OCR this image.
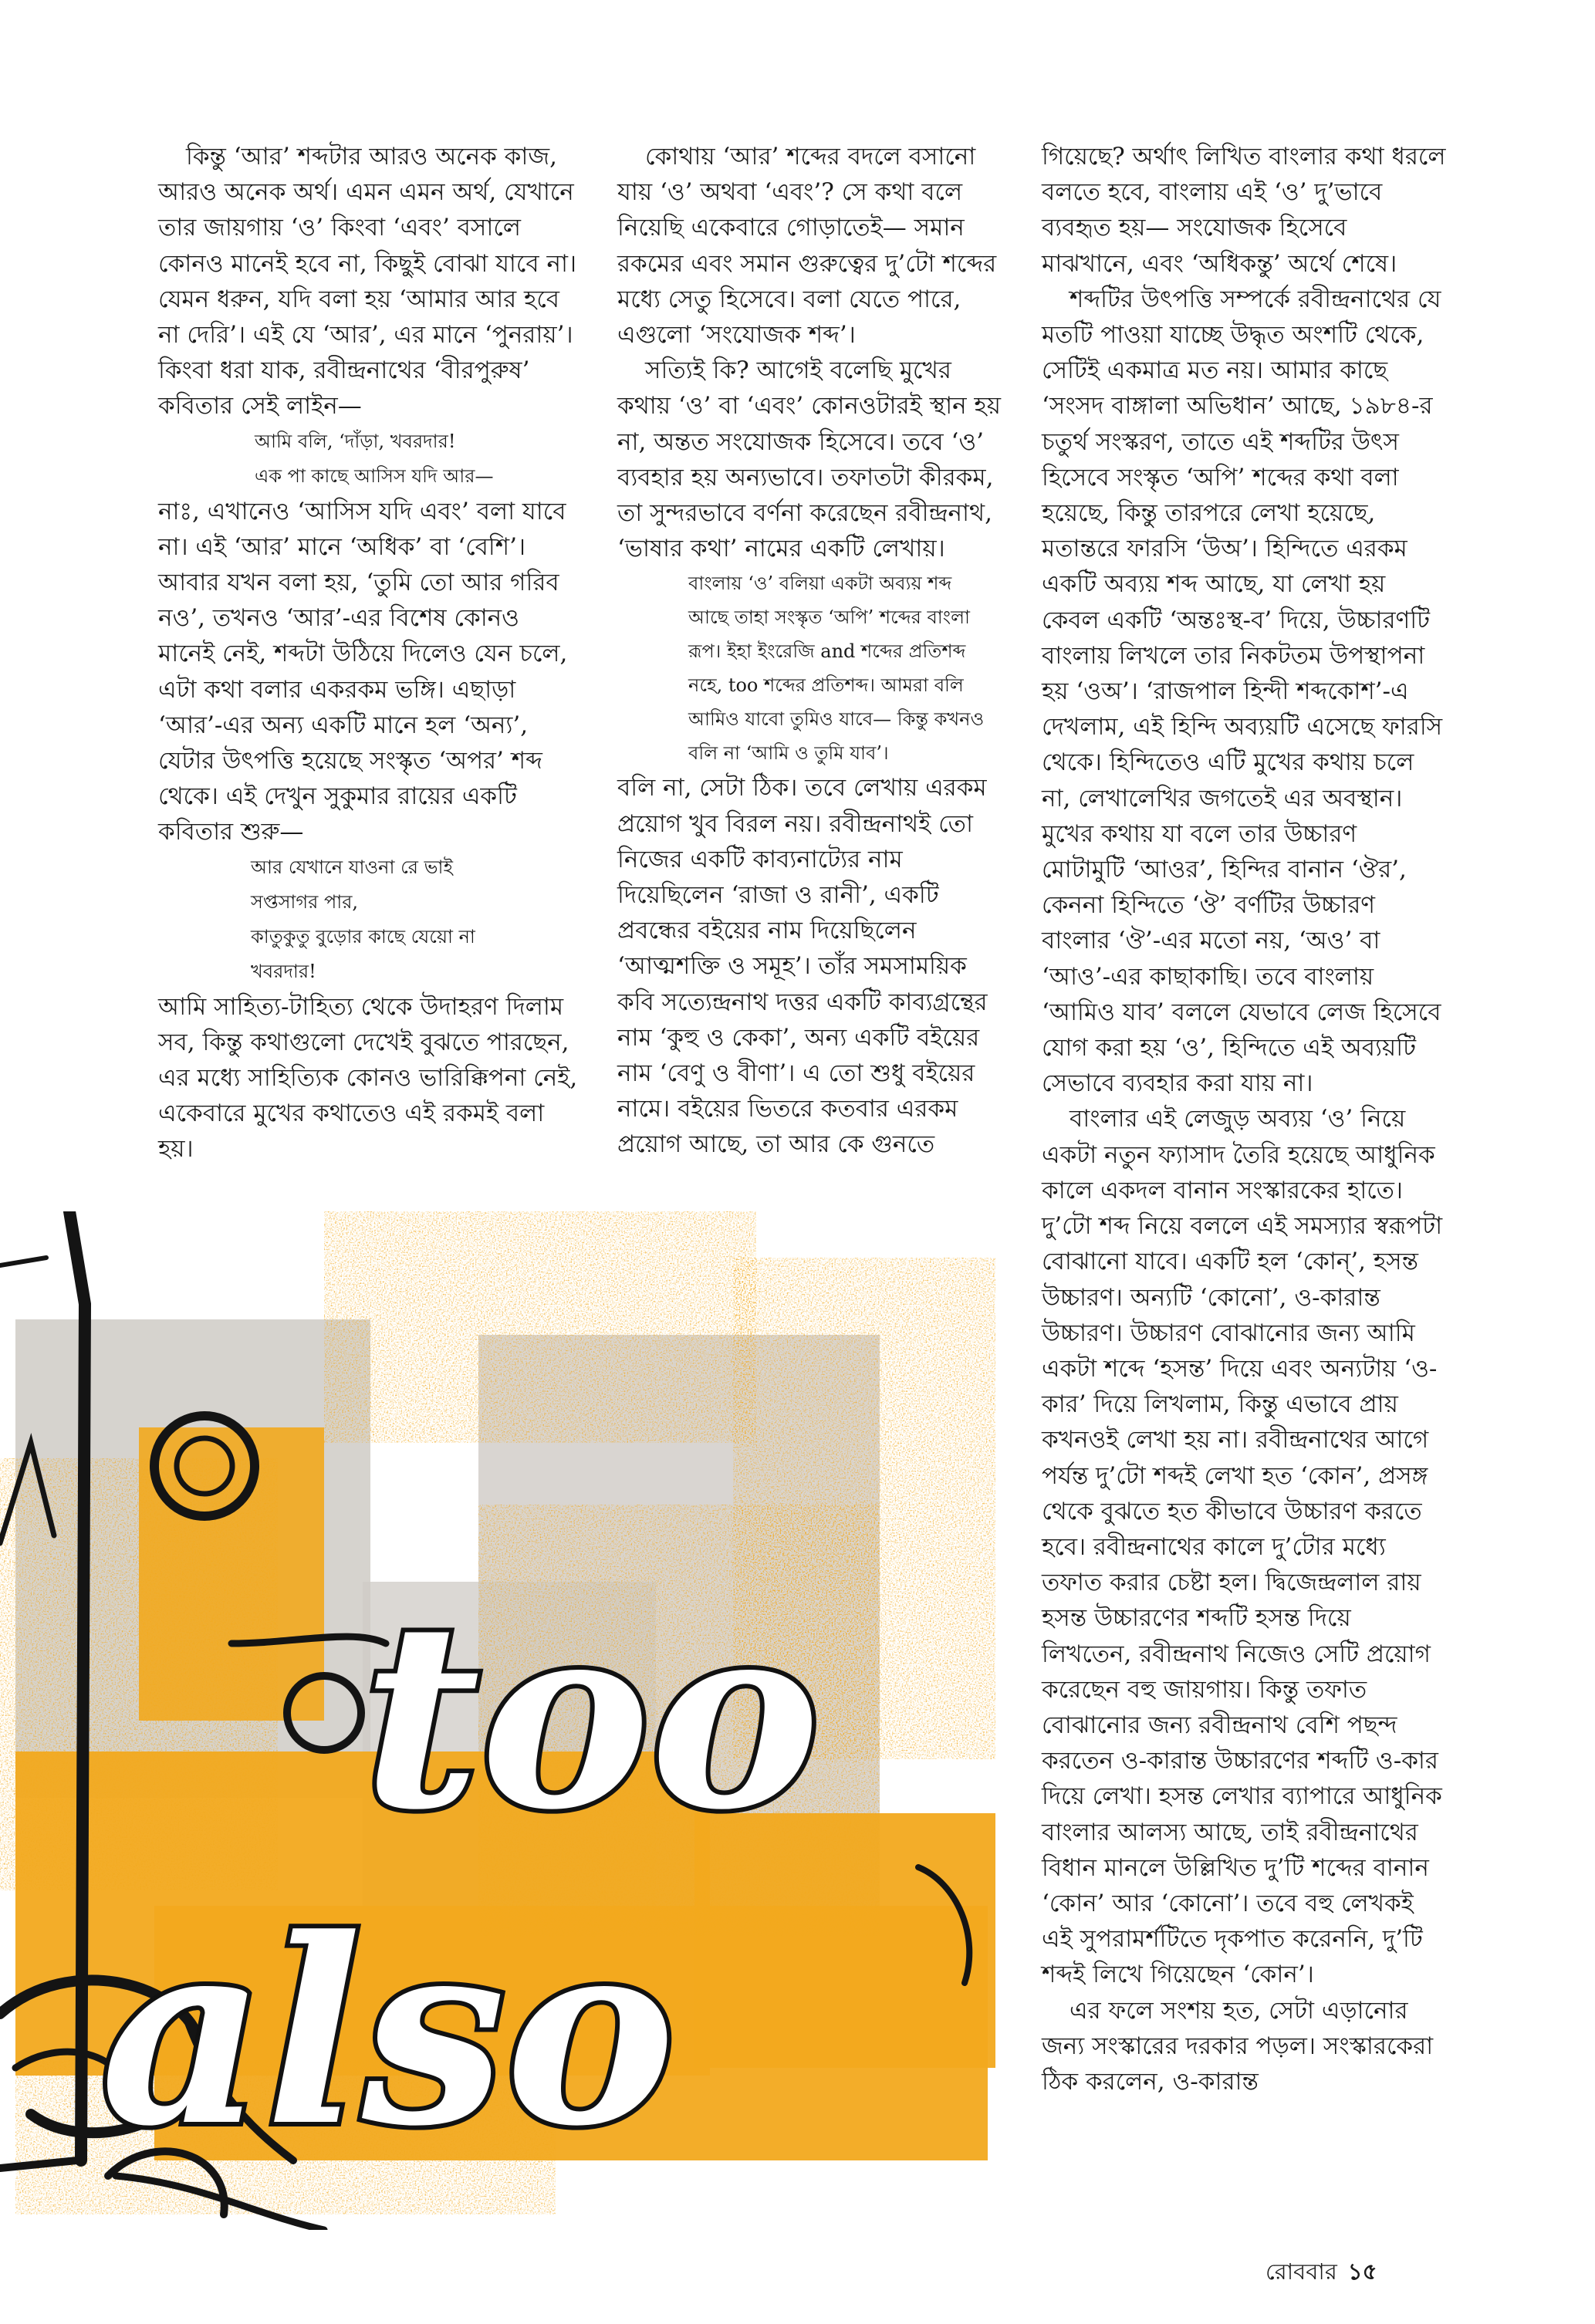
কিন্তু ‘আর’ শব্দটার আরও অনেক কাজ, আরও অনেক অর্থ। এমন এমন অর্থ, যেখানে তার জায়গায় ‘ও’ কিংবা ‘এবং’ বসালে কোনও মানেই হবে না, কিছুই বোঝা যাবে না। যেমন ধরুন, যদি বলা হয় ‘আমার আর হবে না দেরি’। এই যে ‘আর’, এর মানে ‘পুনরায়’। কিংবা ধরা যাক, রবীন্দ্রনাথের ‘বীরপুরুষ’ কবিতার সেই লাইন—

আমি বলি, ‘দাঁড়া, খবরদার!

এক পা কাছে আসিস যদি আর—

নাঃ, এখানেও ‘আসিস যদি এবং’ বলা যাবে না। এই ‘আর’ মানে ‘অধিক’ বা ‘বেশি’। আবার যখন বলা হয়, ‘তুমি তো আর গরিব নও’, তখনও ‘আর’-এর বিশেষ কোনও মানেই নেই, শব্দটা উঠিয়ে দিলেও যেন চলে, এটা কথা বলার একরকম ভঙ্গি। এছাড়া ‘আর’-এর অন্য একটি মানে হল ‘অন্য’, যেটার উৎপত্তি হয়েছে সংস্কৃত ‘অপর’ শব্দ থেকে। এই দেখুন সুকুমার রায়ের একটি কবিতার শুরু—

আর যেখানে যাওনা রে ভাই

সপ্তসাগর পার,

কাতুকুতু বুড়োর কাছে যেয়ো না

খবরদার!

আমি সাহিত্য-টাহিত্য থেকে উদাহরণ দিলাম সব, কিন্তু কথাগুলো দেখেই বুঝতে পারছেন, এর মধ্যে সাহিত্যিক কোনও ভারিক্কিপনা নেই, একেবারে মুখের কথাতেও এই রকমই বলা হয়।

কোথায় ‘আর’ শব্দের বদলে বসানো যায় ‘ও’ অথবা ‘এবং’? সে কথা বলে নিয়েছি একেবারে গোড়াতেই— সমান রকমের এবং সমান গুরুত্বের দু’টো শব্দের মধ্যে সেতু হিসেবে। বলা যেতে পারে, এগুলো ‘সংযোজক শব্দ’।

সত্যিই কি? আগেই বলেছি মুখের কথায় ‘ও’ বা ‘এবং’ কোনওটারই স্থান হয় না, অন্তত সংযোজক হিসেবে। তবে ‘ও’ ব্যবহার হয় অন্যভাবে। তফাতটা কীরকম, তা সুন্দরভাবে বর্ণনা করেছেন রবীন্দ্রনাথ, ‘ভাষার কথা’ নামের একটি লেখায়।

বাংলায় ‘ও’ বলিয়া একটা অব্যয় শব্দ আছে তাহা সংস্কৃত ‘অপি’ শব্দের বাংলা রূপ। ইহা ইংরেজি and শব্দের প্রতিশব্দ নহে, too শব্দের প্রতিশব্দ। আমরা বলি আমিও যাবো তুমিও যাবে— কিন্তু কখনও বলি না ‘আমি ও তুমি যাব’।

বলি না, সেটা ঠিক। তবে লেখায় এরকম প্রয়োগ খুব বিরল নয়। রবীন্দ্রনাথই তো নিজের একটি কাব্যনাট্যের নাম দিয়েছিলেন ‘রাজা ও রানী’, একটি প্রবন্ধের বইয়ের নাম দিয়েছিলেন ‘আত্মশক্তি ও সমূহ’। তাঁর সমসাময়িক কবি সত্যেন্দ্রনাথ দত্তর একটি কাব্যগ্রন্থের নাম ‘কুহু ও কেকা’, অন্য একটি বইয়ের নাম ‘বেণু ও বীণা’। এ তো শুধু বইয়ের নামে। বইয়ের ভিতরে কতবার এরকম প্রয়োগ আছে, তা আর কে গুনতে

গিয়েছে? অর্থাৎ লিখিত বাংলার কথা ধরলে বলতে হবে, বাংলায় এই ‘ও’ দু’ভাবে ব্যবহৃত হয়— সংযোজক হিসেবে মাঝখানে, এবং ‘অধিকন্তু’ অর্থে শেষে।

শব্দটির উৎপত্তি সম্পর্কে রবীন্দ্রনাথের যে মতটি পাওয়া যাচ্ছে উদ্ধৃত অংশটি থেকে, সেটিই একমাত্র মত নয়। আমার কাছে ‘সংসদ বাঙ্গালা অভিধান’ আছে, ১৯৮৪-র চতুর্থ সংস্করণ, তাতে এই শব্দটির উৎস হিসেবে সংস্কৃত ‘অপি’ শব্দের কথা বলা হয়েছে, কিন্তু তারপরে লেখা হয়েছে, মতান্তরে ফারসি ‘উঅ’। হিন্দিতে এরকম একটি অব্যয় শব্দ আছে, যা লেখা হয় কেবল একটি ‘অন্তঃস্থ-ব’ দিয়ে, উচ্চারণটি বাংলায় লিখলে তার নিকটতম উপস্থাপনা হয় ‘ওঅ’। ‘রাজপাল হিন্দী শব্দকোশ’-এ দেখলাম, এই হিন্দি অব্যয়টি এসেছে ফারসি থেকে। হিন্দিতেও এটি মুখের কথায় চলে না, লেখালেখির জগতেই এর অবস্থান। মুখের কথায় যা বলে তার উচ্চারণ মোটামুটি ‘আওর’, হিন্দির বানান ‘ঔর’, কেননা হিন্দিতে ‘ঔ’ বর্ণটির উচ্চারণ বাংলার ‘ঔ’-এর মতো নয়, ‘অও’ বা ‘আও’-এর কাছাকাছি। তবে বাংলায় ‘আমিও যাব’ বললে যেভাবে লেজ হিসেবে যোগ করা হয় ‘ও’, হিন্দিতে এই অব্যয়টি সেভাবে ব্যবহার করা যায় না।

বাংলার এই লেজুড় অব্যয় ‘ও’ নিয়ে একটা নতুন ফ্যাসাদ তৈরি হয়েছে আধুনিক কালে একদল বানান সংস্কারকের হাতে। দু’টো শব্দ নিয়ে বললে এই সমস্যার স্বরূপটা বোঝানো যাবে। একটি হল ‘কোন্’, হসন্ত উচ্চারণ। অন্যটি ‘কোনো’, ও-কারান্ত উচ্চারণ। উচ্চারণ বোঝানোর জন্য আমি একটা শব্দে ‘হসন্ত’ দিয়ে এবং অন্যটায় ‘ও-কার’ দিয়ে লিখলাম, কিন্তু এভাবে প্রায় কখনওই লেখা হয় না। রবীন্দ্রনাথের আগে পর্যন্ত দু’টো শব্দই লেখা হত ‘কোন’, প্রসঙ্গ থেকে বুঝতে হত কীভাবে উচ্চারণ করতে হবে। রবীন্দ্রনাথের কালে দু’টোর মধ্যে তফাত করার চেষ্টা হল। দ্বিজেন্দ্রলাল রায় হসন্ত উচ্চারণের শব্দটি হসন্ত দিয়ে লিখতেন, রবীন্দ্রনাথ নিজেও সেটি প্রয়োগ করেছেন বহু জায়গায়। কিন্তু তফাত বোঝানোর জন্য রবীন্দ্রনাথ বেশি পছন্দ করতেন ও-কারান্ত উচ্চারণের শব্দটি ও-কার দিয়ে লেখা। হসন্ত লেখার ব্যাপারে আধুনিক বাংলার আলস্য আছে, তাই রবীন্দ্রনাথের বিধান মানলে উল্লিখিত দু’টি শব্দের বানান ‘কোন’ আর ‘কোনো’। তবে বহু লেখকই এই সুপরামর্শটিতে দৃকপাত করেননি, দু’টি শব্দই লিখে গিয়েছেন ‘কোন’।

এর ফলে সংশয় হত, সেটা এড়ানোর জন্য সংস্কারের দরকার পড়ল। সংস্কারকেরা ঠিক করলেন, ও-কারান্ত

too
also
রোববার ১৫
